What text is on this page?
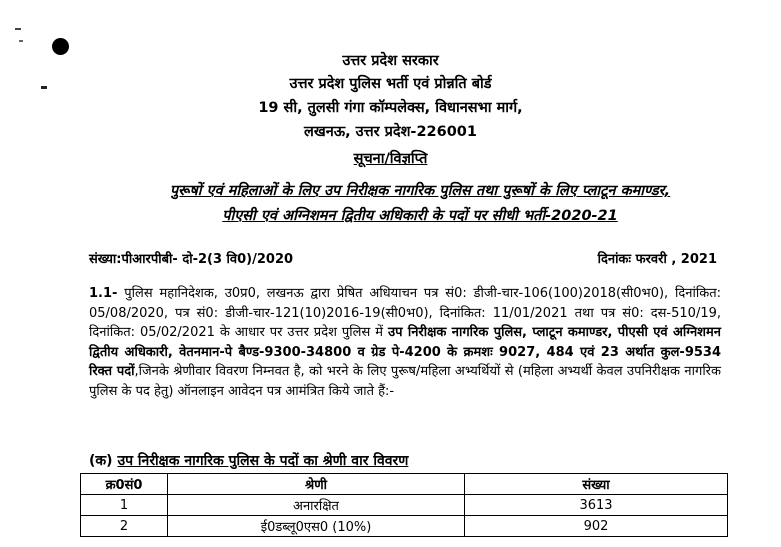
उत्तर प्रदेश सरकार
उत्तर प्रदेश पुलिस भर्ती एवं प्रोन्नति बोर्ड
19 सी, तुलसी गंगा कॉम्पलेक्स, विधानसभा मार्ग,
लखनऊ, उत्तर प्रदेश-226001
सूचना/विज्ञप्ति
पुरूषों एवं महिलाओं के लिए उप निरीक्षक नागरिक पुलिस तथा पुरूषों के लिए प्लाटून कमाण्डर,
पीएसी एवं अग्निशमन द्वितीय अधिकारी के पदों पर सीधी भर्ती-2020-21
संख्या:पीआरपीबी- दो-2(3 वि0)/2020	दिनांकः फरवरी , 2021
1.1- पुलिस महानिदेशक, उ0प्र0, लखनऊ द्वारा प्रेषित अधियाचन पत्र सं0: डीजी-चार-106(100)2018(सी0भ0), दिनांकित: 05/08/2020, पत्र सं0: डीजी-चार-121(10)2016-19(सी0भ0), दिनांकित: 11/01/2021 तथा पत्र सं0: दस-510/19, दिनांकित: 05/02/2021 के आधार पर उत्तर प्रदेश पुलिस में उप निरीक्षक नागरिक पुलिस, प्लाटून कमाण्डर, पीएसी एवं अग्निशमन द्वितीय अधिकारी, वेतनमान-पे बैण्ड-9300-34800 व ग्रेड पे-4200 के क्रमशः 9027, 484 एवं 23 अर्थात कुल-9534 रिक्त पदों,जिनके श्रेणीवार विवरण निम्नवत है, को भरने के लिए पुरूष/महिला अभ्यर्थियों से (महिला अभ्यर्थी केवल उपनिरीक्षक नागरिक पुलिस के पद हेतु) ऑनलाइन आवेदन पत्र आमंत्रित किये जाते हैं:-
(क) उप निरीक्षक नागरिक पुलिस के पदों का श्रेणी वार विवरण
क्र0सं0	श्रेणी	संख्या
1	अनारक्षित	3613
2	ई0डब्लू0एस0 (10%)	902
